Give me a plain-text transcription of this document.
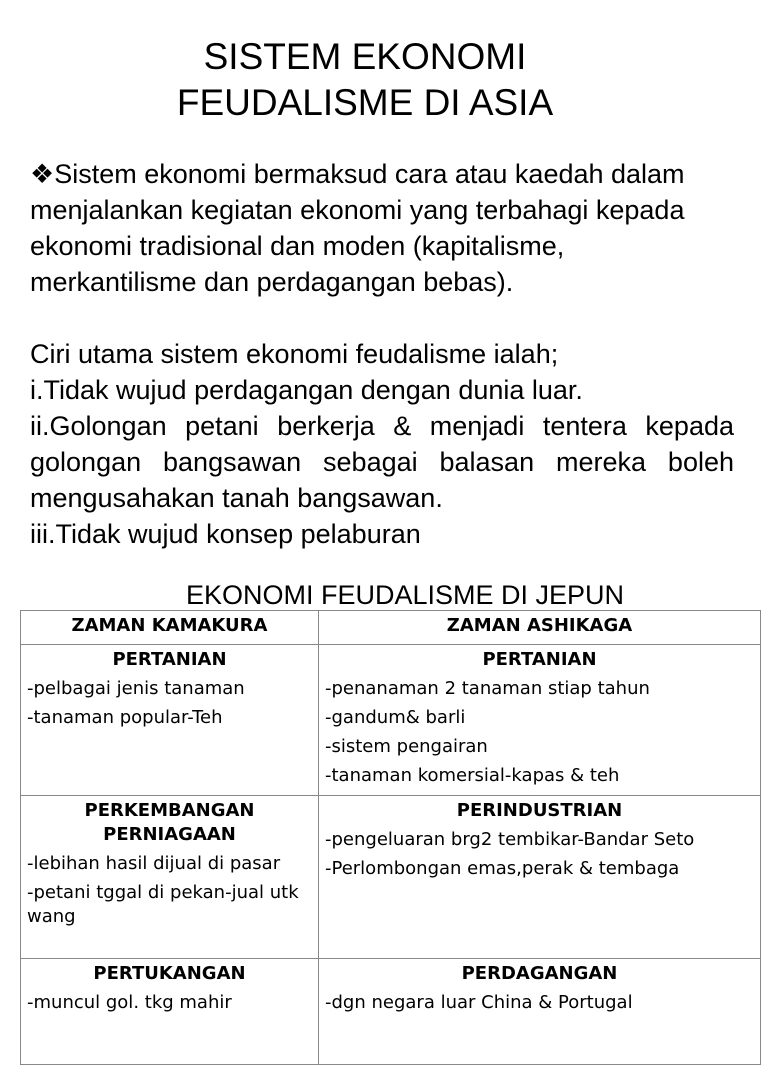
SISTEM EKONOMI
FEUDALISME DI ASIA

❖Sistem ekonomi bermaksud cara atau kaedah dalam menjalankan kegiatan ekonomi yang terbahagi kepada ekonomi tradisional dan moden (kapitalisme, merkantilisme dan perdagangan bebas).

Ciri utama sistem ekonomi feudalisme ialah;

i.Tidak wujud perdagangan dengan dunia luar.

ii.Golongan petani berkerja & menjadi tentera kepada golongan bangsawan sebagai balasan mereka boleh mengusahakan tanah bangsawan.

iii.Tidak wujud konsep pelaburan

EKONOMI FEUDALISME DI JEPUN
ZAMAN KAMAKURA	ZAMAN ASHIKAGA

PERTANIAN
-pelbagai jenis tanaman
-tanaman popular-Teh	PERTANIAN
-penanaman 2 tanaman stiap tahun
-gandum& barli
-sistem pengairan
-tanaman komersial-kapas & teh

PERKEMBANGAN PERNIAGAAN
-lebihan hasil dijual di pasar
-petani tggal di pekan-jual utk wang	PERINDUSTRIAN
-pengeluaran brg2 tembikar-Bandar Seto
-Perlombongan emas,perak & tembaga

PERTUKANGAN
-muncul gol. tkg mahir	PERDAGANGAN
-dgn negara luar China & Portugal
